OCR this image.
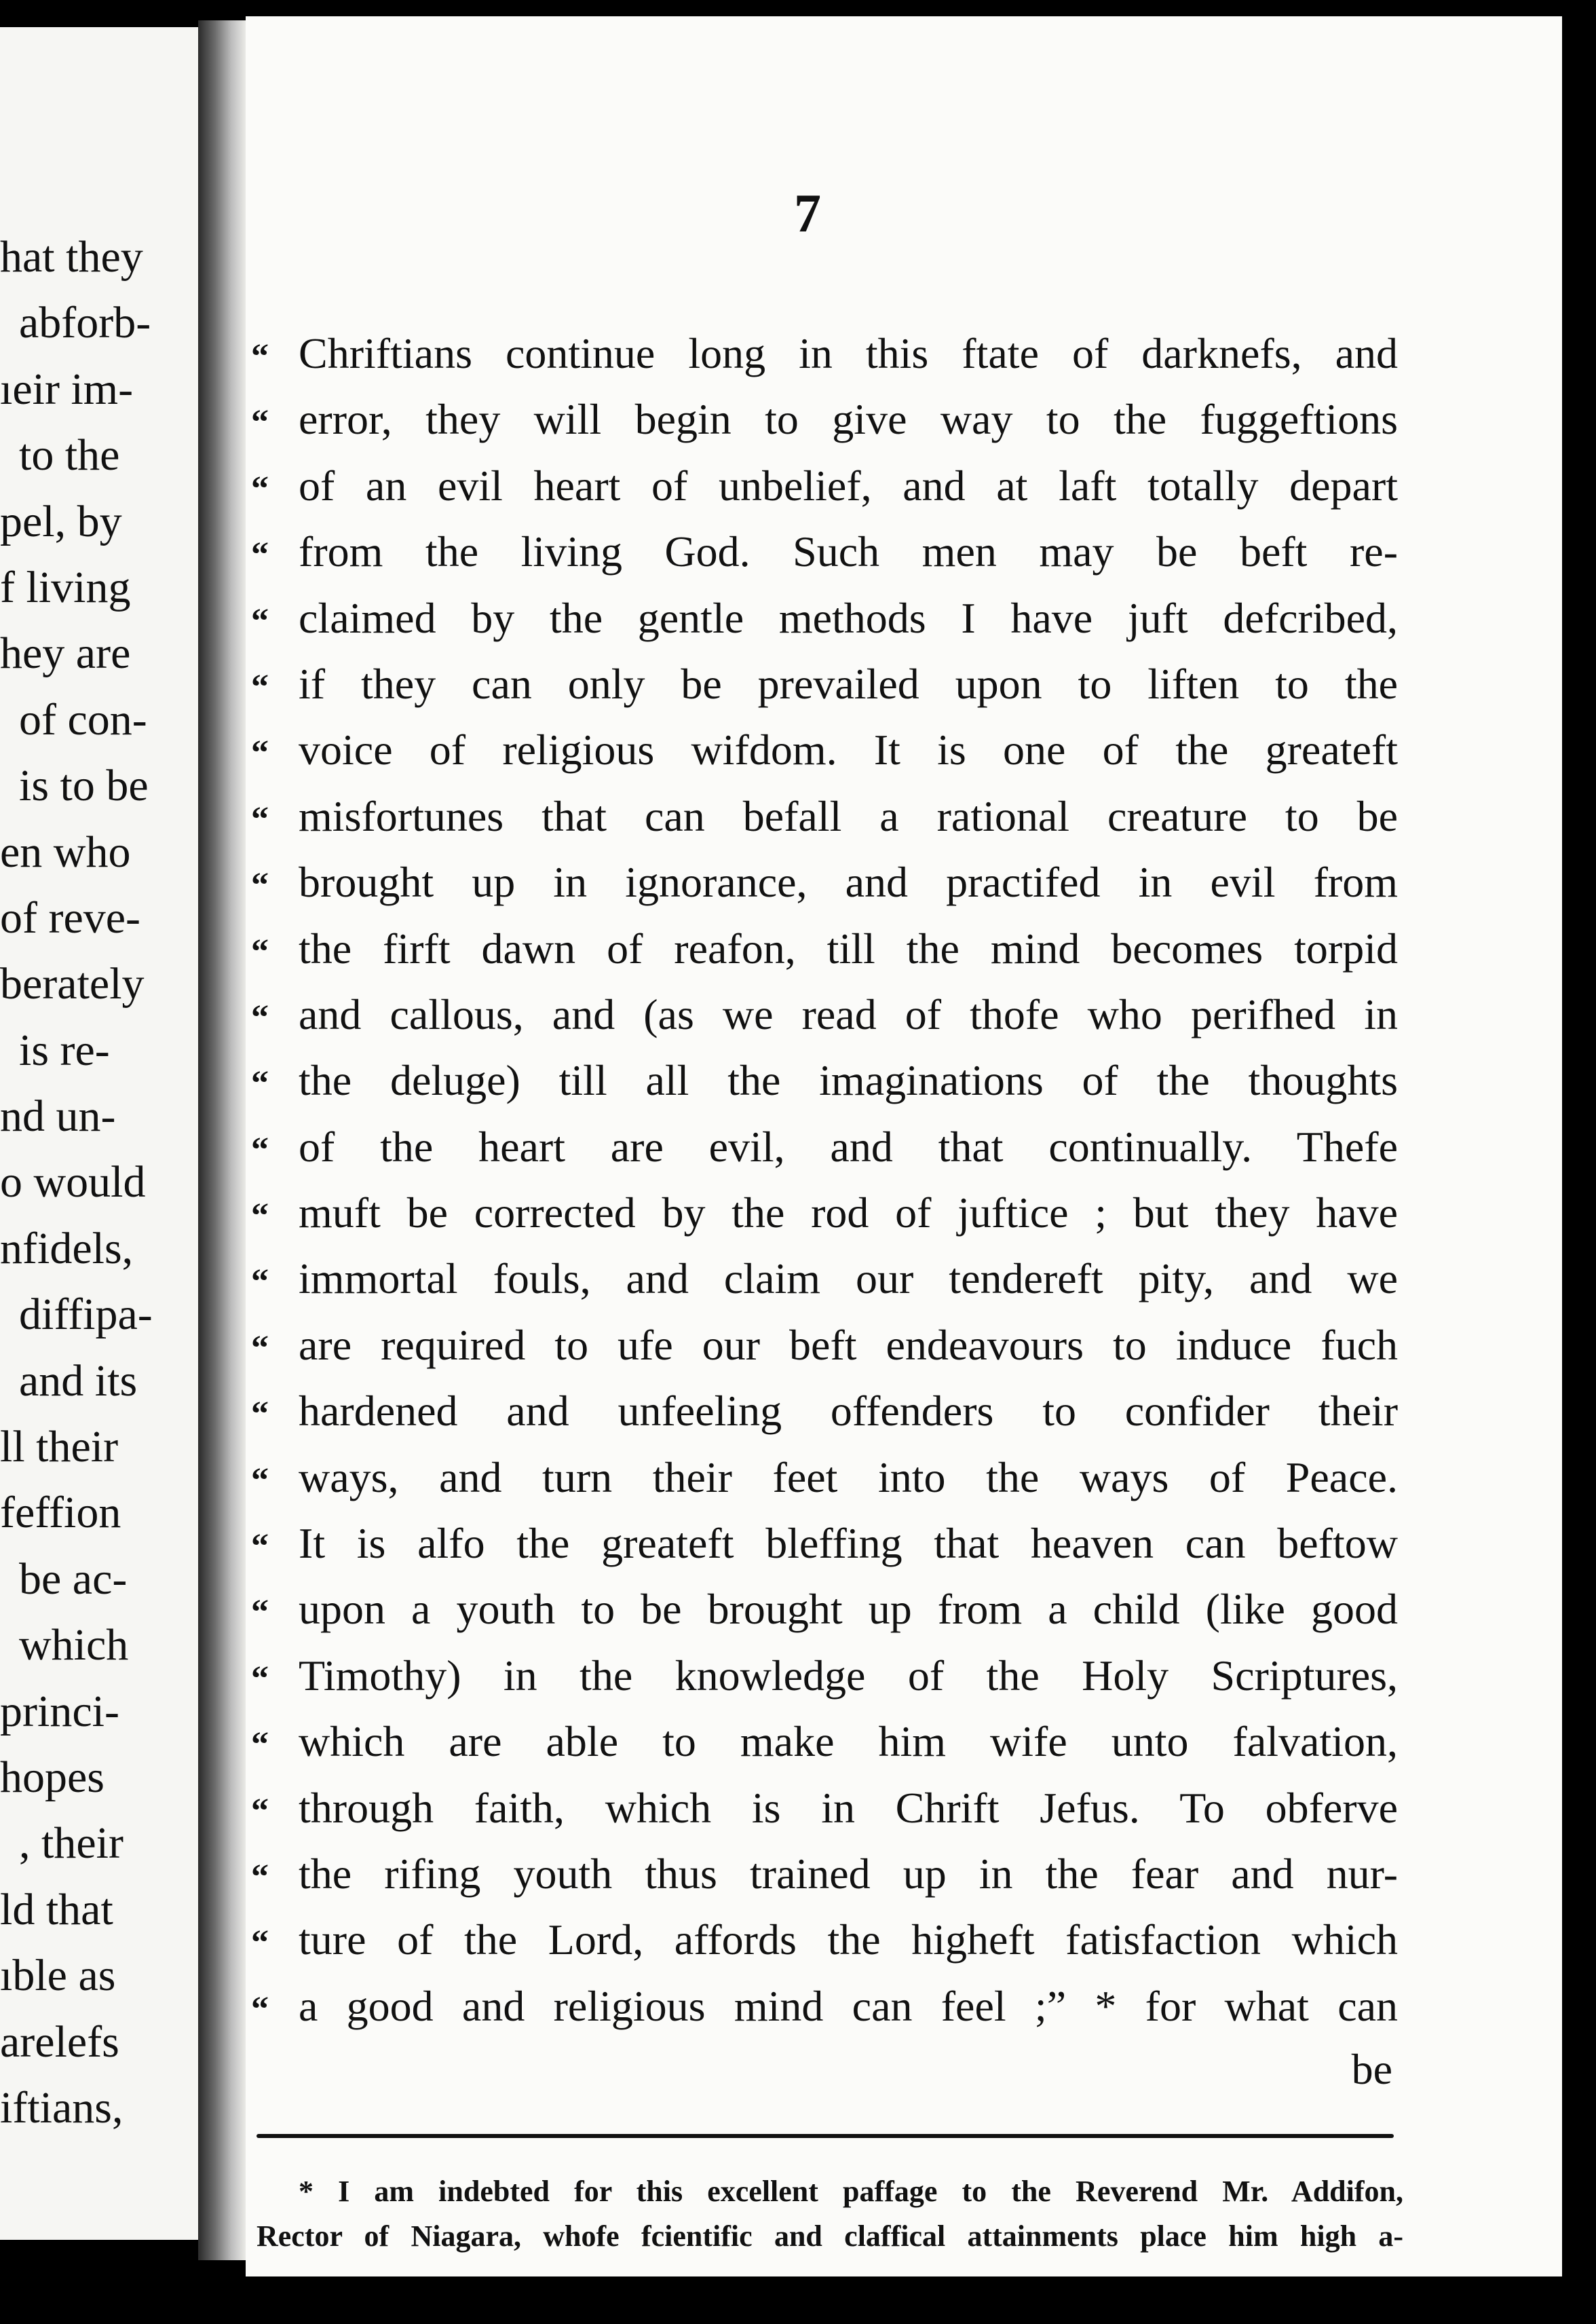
hat they
abforb-
ıeir im-
to the
pel, by
f living
hey are
of con-
is to be
en who
of reve-
berately
is re-
nd un-
o would
nfidels,
diffipa-
and its
ll their
feffion
be ac-
which
princi-
hopes
, their
ld that
ıble as
arelefs
iftians,
7
“ Chriftians continue long in this ftate of darknefs, and
“ error, they will begin to give way to the fuggeftions
“ of an evil heart of unbelief, and at laft totally depart
“ from the living God. Such men may be beft re-
“ claimed by the gentle methods I have juft defcribed,
“ if they can only be prevailed upon to liften to the
“ voice of religious wifdom. It is one of the greateft
“ misfortunes that can befall a rational creature to be
“ brought up in ignorance, and practifed in evil from
“ the firft dawn of reafon, till the mind becomes torpid
“ and callous, and (as we read of thofe who perifhed in
“ the deluge) till all the imaginations of the thoughts
“ of the heart are evil, and that continually. Thefe
“ muft be corrected by the rod of juftice ; but they have
“ immortal fouls, and claim our tendereft pity, and we
“ are required to ufe our beft endeavours to induce fuch
“ hardened and unfeeling offenders to confider their
“ ways, and turn their feet into the ways of Peace.
“ It is alfo the greateft bleffing that heaven can beftow
“ upon a youth to be brought up from a child (like good
“ Timothy) in the knowledge of the Holy Scriptures,
“ which are able to make him wife unto falvation,
“ through faith, which is in Chrift Jefus. To obferve
“ the rifing youth thus trained up in the fear and nur-
“ ture of the Lord, affords the higheft fatisfaction which
“ a good and religious mind can feel ;” * for what can
be
* I am indebted for this excellent paffage to the Reverend Mr. Addifon,
Rector of Niagara, whofe fcientific and claffical attainments place him high a-
